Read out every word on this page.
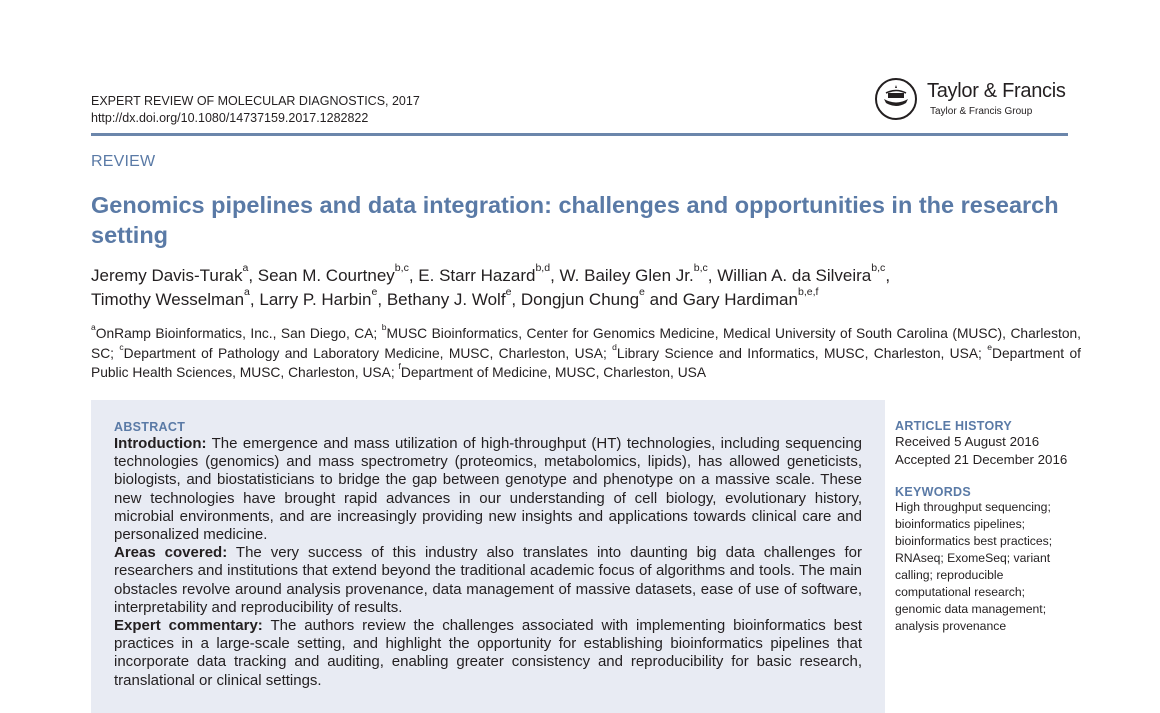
EXPERT REVIEW OF MOLECULAR DIAGNOSTICS, 2017
http://dx.doi.org/10.1080/14737159.2017.1282822
Taylor & Francis
Taylor & Francis Group
REVIEW
Genomics pipelines and data integration: challenges and opportunities in the research setting
Jeremy Davis-Turak$^a$, Sean M. Courtney$^{b,c}$, E. Starr Hazard$^{b,d}$, W. Bailey Glen Jr.$^{b,c}$, Willian A. da Silveira$^{b,c}$,
Timothy Wesselman$^a$, Larry P. Harbin$^e$, Bethany J. Wolf$^e$, Dongjun Chung$^e$ and Gary Hardiman$^{b,e,f}$
$^a$OnRamp Bioinformatics, Inc., San Diego, CA; $^b$MUSC Bioinformatics, Center for Genomics Medicine, Medical University of South Carolina (MUSC), Charleston, SC; $^c$Department of Pathology and Laboratory Medicine, MUSC, Charleston, USA; $^d$Library Science and Informatics, MUSC, Charleston, USA; $^e$Department of Public Health Sciences, MUSC, Charleston, USA; $^f$Department of Medicine, MUSC, Charleston, USA
ABSTRACT

Introduction: The emergence and mass utilization of high-throughput (HT) technologies, including sequencing technologies (genomics) and mass spectrometry (proteomics, metabolomics, lipids), has allowed geneticists, biologists, and biostatisticians to bridge the gap between genotype and phenotype on a massive scale. These new technologies have brought rapid advances in our understanding of cell biology, evolutionary history, microbial environments, and are increasingly providing new insights and applications towards clinical care and personalized medicine.

Areas covered: The very success of this industry also translates into daunting big data challenges for researchers and institutions that extend beyond the traditional academic focus of algorithms and tools. The main obstacles revolve around analysis provenance, data management of massive datasets, ease of use of software, interpretability and reproducibility of results.

Expert commentary: The authors review the challenges associated with implementing bioinformatics best practices in a large-scale setting, and highlight the opportunity for establishing bioinformatics pipelines that incorporate data tracking and auditing, enabling greater consistency and reproducibility for basic research, translational or clinical settings.

ARTICLE HISTORY
Received 5 August 2016
Accepted 21 December 2016
KEYWORDS
High throughput sequencing; bioinformatics pipelines; bioinformatics best practices; RNAseq; ExomeSeq; variant calling; reproducible computational research; genomic data management; analysis provenance
